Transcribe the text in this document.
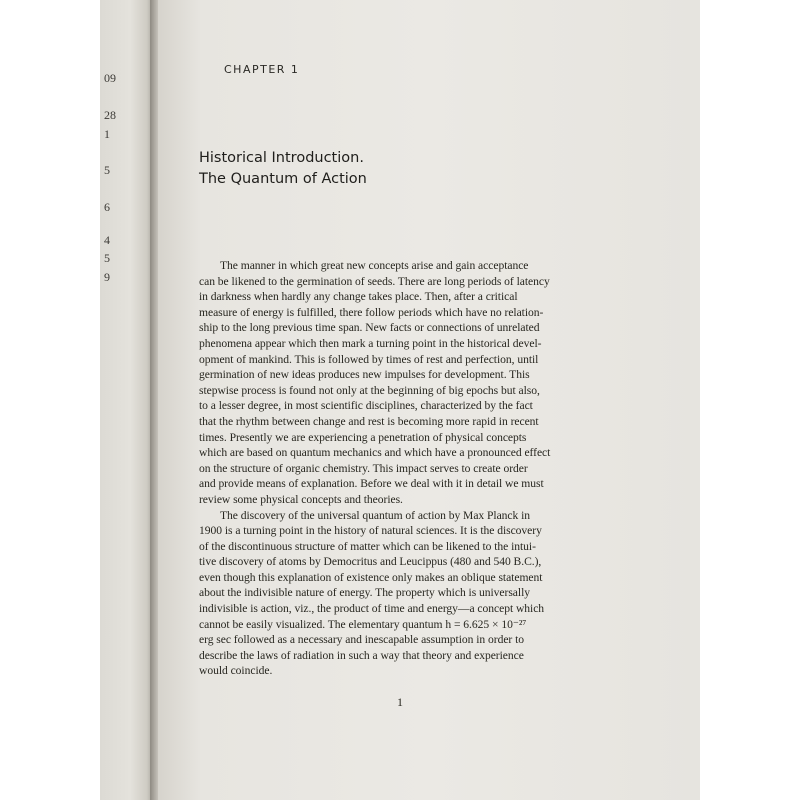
09
28
1
5
6
4
5
9
CHAPTER 1
Historical Introduction.
The Quantum of Action
The manner in which great new concepts arise and gain acceptance
can be likened to the germination of seeds. There are long periods of latency
in darkness when hardly any change takes place. Then, after a critical
measure of energy is fulfilled, there follow periods which have no relation-
ship to the long previous time span. New facts or connections of unrelated
phenomena appear which then mark a turning point in the historical devel-
opment of mankind. This is followed by times of rest and perfection, until
germination of new ideas produces new impulses for development. This
stepwise process is found not only at the beginning of big epochs but also,
to a lesser degree, in most scientific disciplines, characterized by the fact
that the rhythm between change and rest is becoming more rapid in recent
times. Presently we are experiencing a penetration of physical concepts
which are based on quantum mechanics and which have a pronounced effect
on the structure of organic chemistry. This impact serves to create order
and provide means of explanation. Before we deal with it in detail we must
review some physical concepts and theories.
The discovery of the universal quantum of action by Max Planck in
1900 is a turning point in the history of natural sciences. It is the discovery
of the discontinuous structure of matter which can be likened to the intui-
tive discovery of atoms by Democritus and Leucippus (480 and 540 B.C.),
even though this explanation of existence only makes an oblique statement
about the indivisible nature of energy. The property which is universally
indivisible is action, viz., the product of time and energy—a concept which
cannot be easily visualized. The elementary quantum h = 6.625 × 10⁻²⁷
erg sec followed as a necessary and inescapable assumption in order to
describe the laws of radiation in such a way that theory and experience
would coincide.
1
